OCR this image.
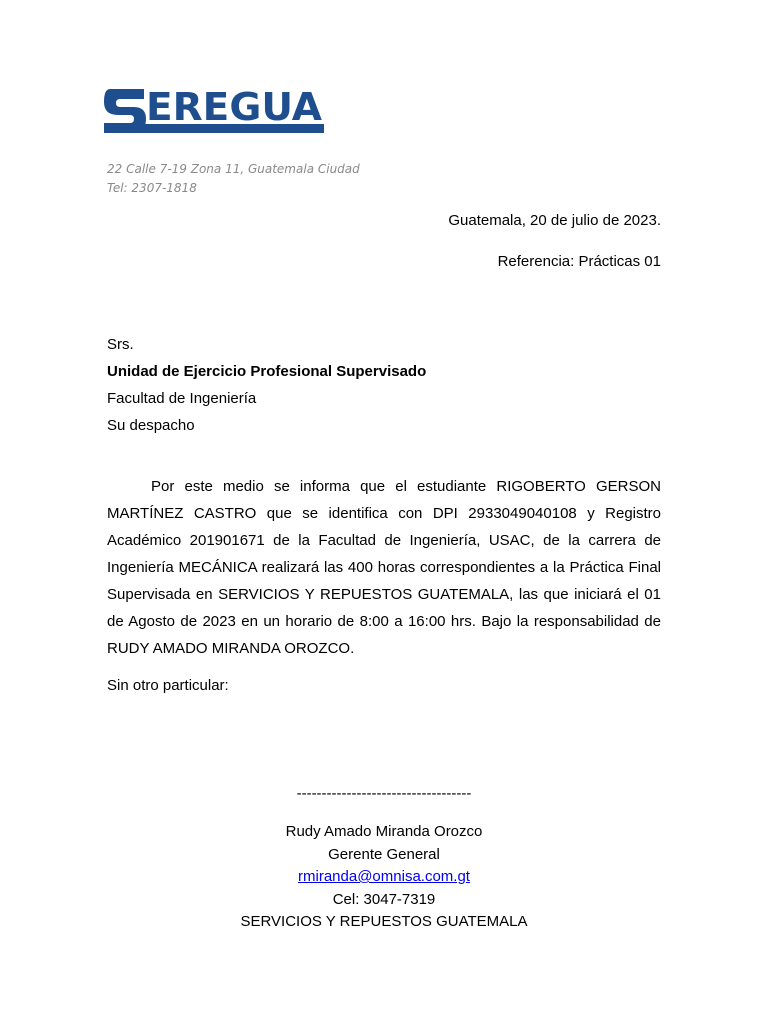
EREGUA
22 Calle 7-19 Zona 11, Guatemala Ciudad
Tel: 2307-1818
Guatemala, 20 de julio de 2023.
Referencia: Prácticas 01
Srs.
Unidad de Ejercicio Profesional Supervisado
Facultad de Ingeniería
Su despacho

Por este medio se informa que el estudiante RIGOBERTO GERSON MARTÍNEZ CASTRO que se identifica con DPI 2933049040108 y Registro Académico 201901671 de la Facultad de Ingeniería, USAC, de la carrera de Ingeniería MECÁNICA realizará las 400 horas correspondientes a la Práctica Final Supervisada en SERVICIOS Y REPUESTOS GUATEMALA, las que iniciará el 01 de Agosto de 2023 en un horario de 8:00 a 16:00 hrs. Bajo la responsabilidad de RUDY AMADO MIRANDA OROZCO.

Sin otro particular:
-----------------------------------
Rudy Amado Miranda Orozco
Gerente General
rmiranda@omnisa.com.gt
Cel: 3047-7319
SERVICIOS Y REPUESTOS GUATEMALA
